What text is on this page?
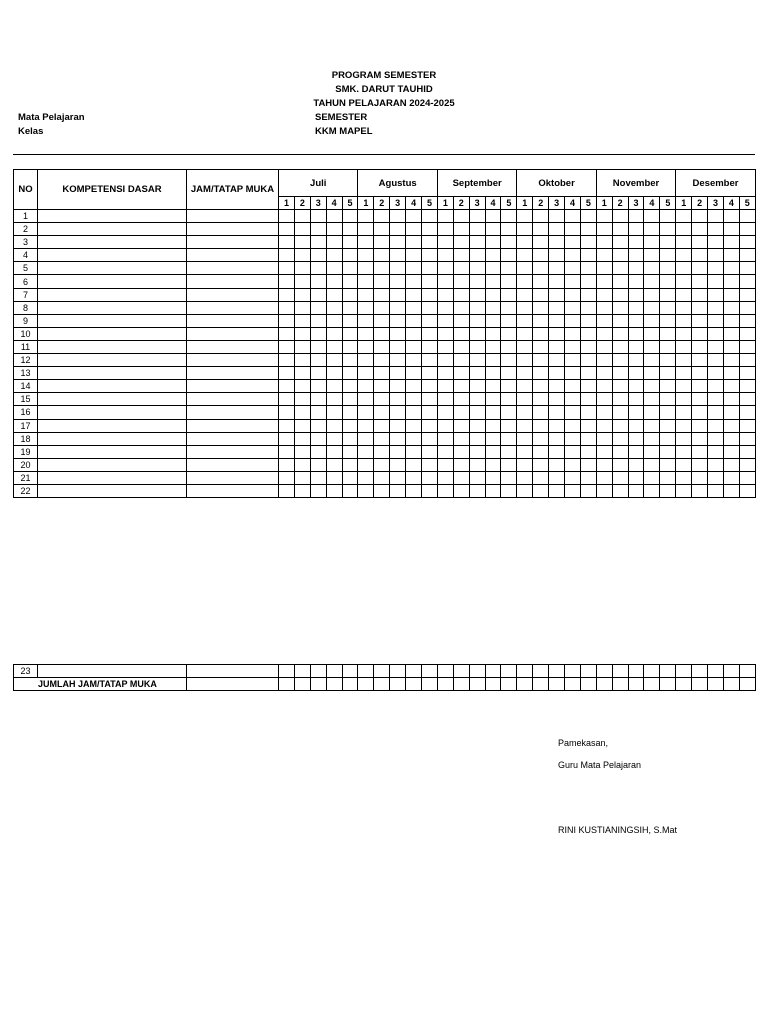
PROGRAM SEMESTER
SMK. DARUT TAUHID
TAHUN PELAJARAN 2024-2025
Mata Pelajaran
Kelas
SEMESTER
KKM MAPEL
NO	KOMPETENSI DASAR	JAM/TATAP MUKA	Juli					Agustus					September					Oktober					November					Desember				
			1	2	3	4	5	1	2	3	4	5	1	2	3	4	5	1	2	3	4	5	1	2	3	4	5	1	2	3	4	5
1																																
2																																
3																																
4																																
5																																
6																																
7																																
8																																
9																																
10																																
11																																
12																																
13																																
14																																
15																																
16																																
17																																
18																																
19																																
20																																
21																																
22																																
23																																
JUMLAH JAM/TATAP MUKA																																
Pamekasan,
Guru Mata Pelajaran
RINI KUSTIANINGSIH, S.Mat
